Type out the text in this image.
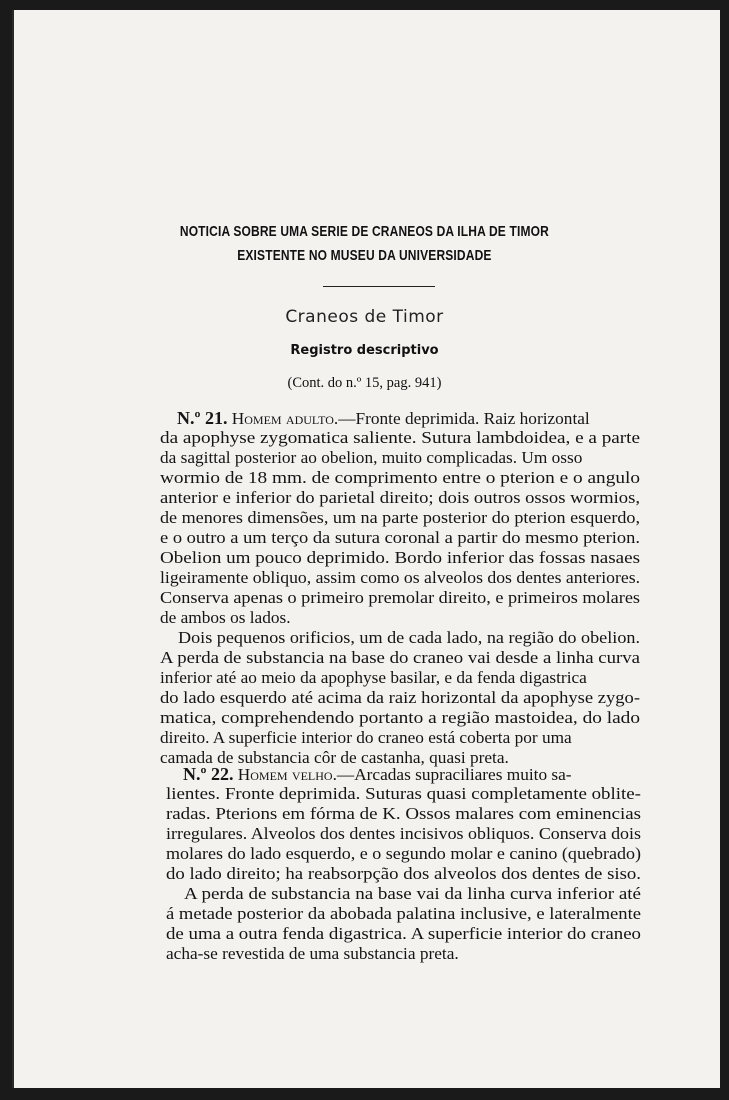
NOTICIA SOBRE UMA SERIE DE CRANEOS DA ILHA DE TIMOR
EXISTENTE NO MUSEU DA UNIVERSIDADE
Craneos de Timor
Registro descriptivo
(Cont. do n.º 15, pag. 941)
N.º 21. Homem adulto.—Fronte deprimida. Raiz horizontal
da apophyse zygomatica saliente. Sutura lambdoidea, e a parte
da sagittal posterior ao obelion, muito complicadas. Um osso
wormio de 18 mm. de comprimento entre o pterion e o angulo
anterior e inferior do parietal direito; dois outros ossos wormios,
de menores dimensões, um na parte posterior do pterion esquerdo,
e o outro a um terço da sutura coronal a partir do mesmo pterion.
Obelion um pouco deprimido. Bordo inferior das fossas nasaes
ligeiramente obliquo, assim como os alveolos dos dentes anteriores.
Conserva apenas o primeiro premolar direito, e primeiros molares
de ambos os lados.
Dois pequenos orificios, um de cada lado, na região do obelion.
A perda de substancia na base do craneo vai desde a linha curva
inferior até ao meio da apophyse basilar, e da fenda digastrica
do lado esquerdo até acima da raiz horizontal da apophyse zygo-
matica, comprehendendo portanto a região mastoidea, do lado
direito. A superficie interior do craneo está coberta por uma
camada de substancia côr de castanha, quasi preta.
N.º 22. Homem velho.—Arcadas supraciliares muito sa-
lientes. Fronte deprimida. Suturas quasi completamente oblite-
radas. Pterions em fórma de K. Ossos malares com eminencias
irregulares. Alveolos dos dentes incisivos obliquos. Conserva dois
molares do lado esquerdo, e o segundo molar e canino (quebrado)
do lado direito; ha reabsorpção dos alveolos dos dentes de siso.
A perda de substancia na base vai da linha curva inferior até
á metade posterior da abobada palatina inclusive, e lateralmente
de uma a outra fenda digastrica. A superficie interior do craneo
acha-se revestida de uma substancia preta.
